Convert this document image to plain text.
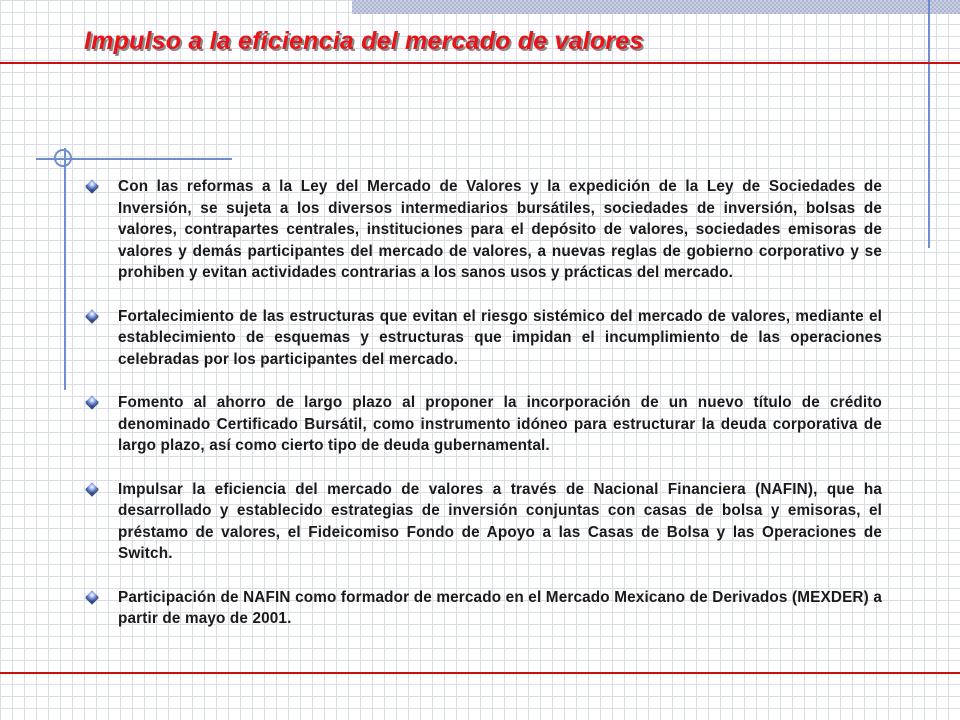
Impulso a la eficiencia del mercado de valores
Con las reformas a la Ley del Mercado de Valores y la expedición de la Ley de Sociedades de Inversión, se sujeta a los diversos intermediarios bursátiles, sociedades de inversión, bolsas de valores, contrapartes centrales, instituciones para el depósito de valores, sociedades emisoras de valores y demás participantes del mercado de valores, a nuevas reglas de gobierno corporativo y se prohiben y evitan actividades contrarias a los sanos usos y prácticas del mercado.
Fortalecimiento de las estructuras que evitan el riesgo sistémico del mercado de valores, mediante el establecimiento de esquemas y estructuras que impidan el incumplimiento de las operaciones celebradas por los participantes del mercado.
Fomento al ahorro de largo plazo al proponer la incorporación de un nuevo título de crédito denominado Certificado Bursátil, como instrumento idóneo para estructurar la deuda corporativa de largo plazo, así como cierto tipo de deuda gubernamental.
Impulsar la eficiencia del mercado de valores a través de Nacional Financiera (NAFIN), que ha desarrollado y establecido estrategias de inversión conjuntas con casas de bolsa y emisoras, el préstamo de valores, el Fideicomiso Fondo de Apoyo a las Casas de Bolsa y las Operaciones de Switch.
Participación de NAFIN como formador de mercado en el Mercado Mexicano de Derivados (MEXDER) a partir de mayo de 2001.
